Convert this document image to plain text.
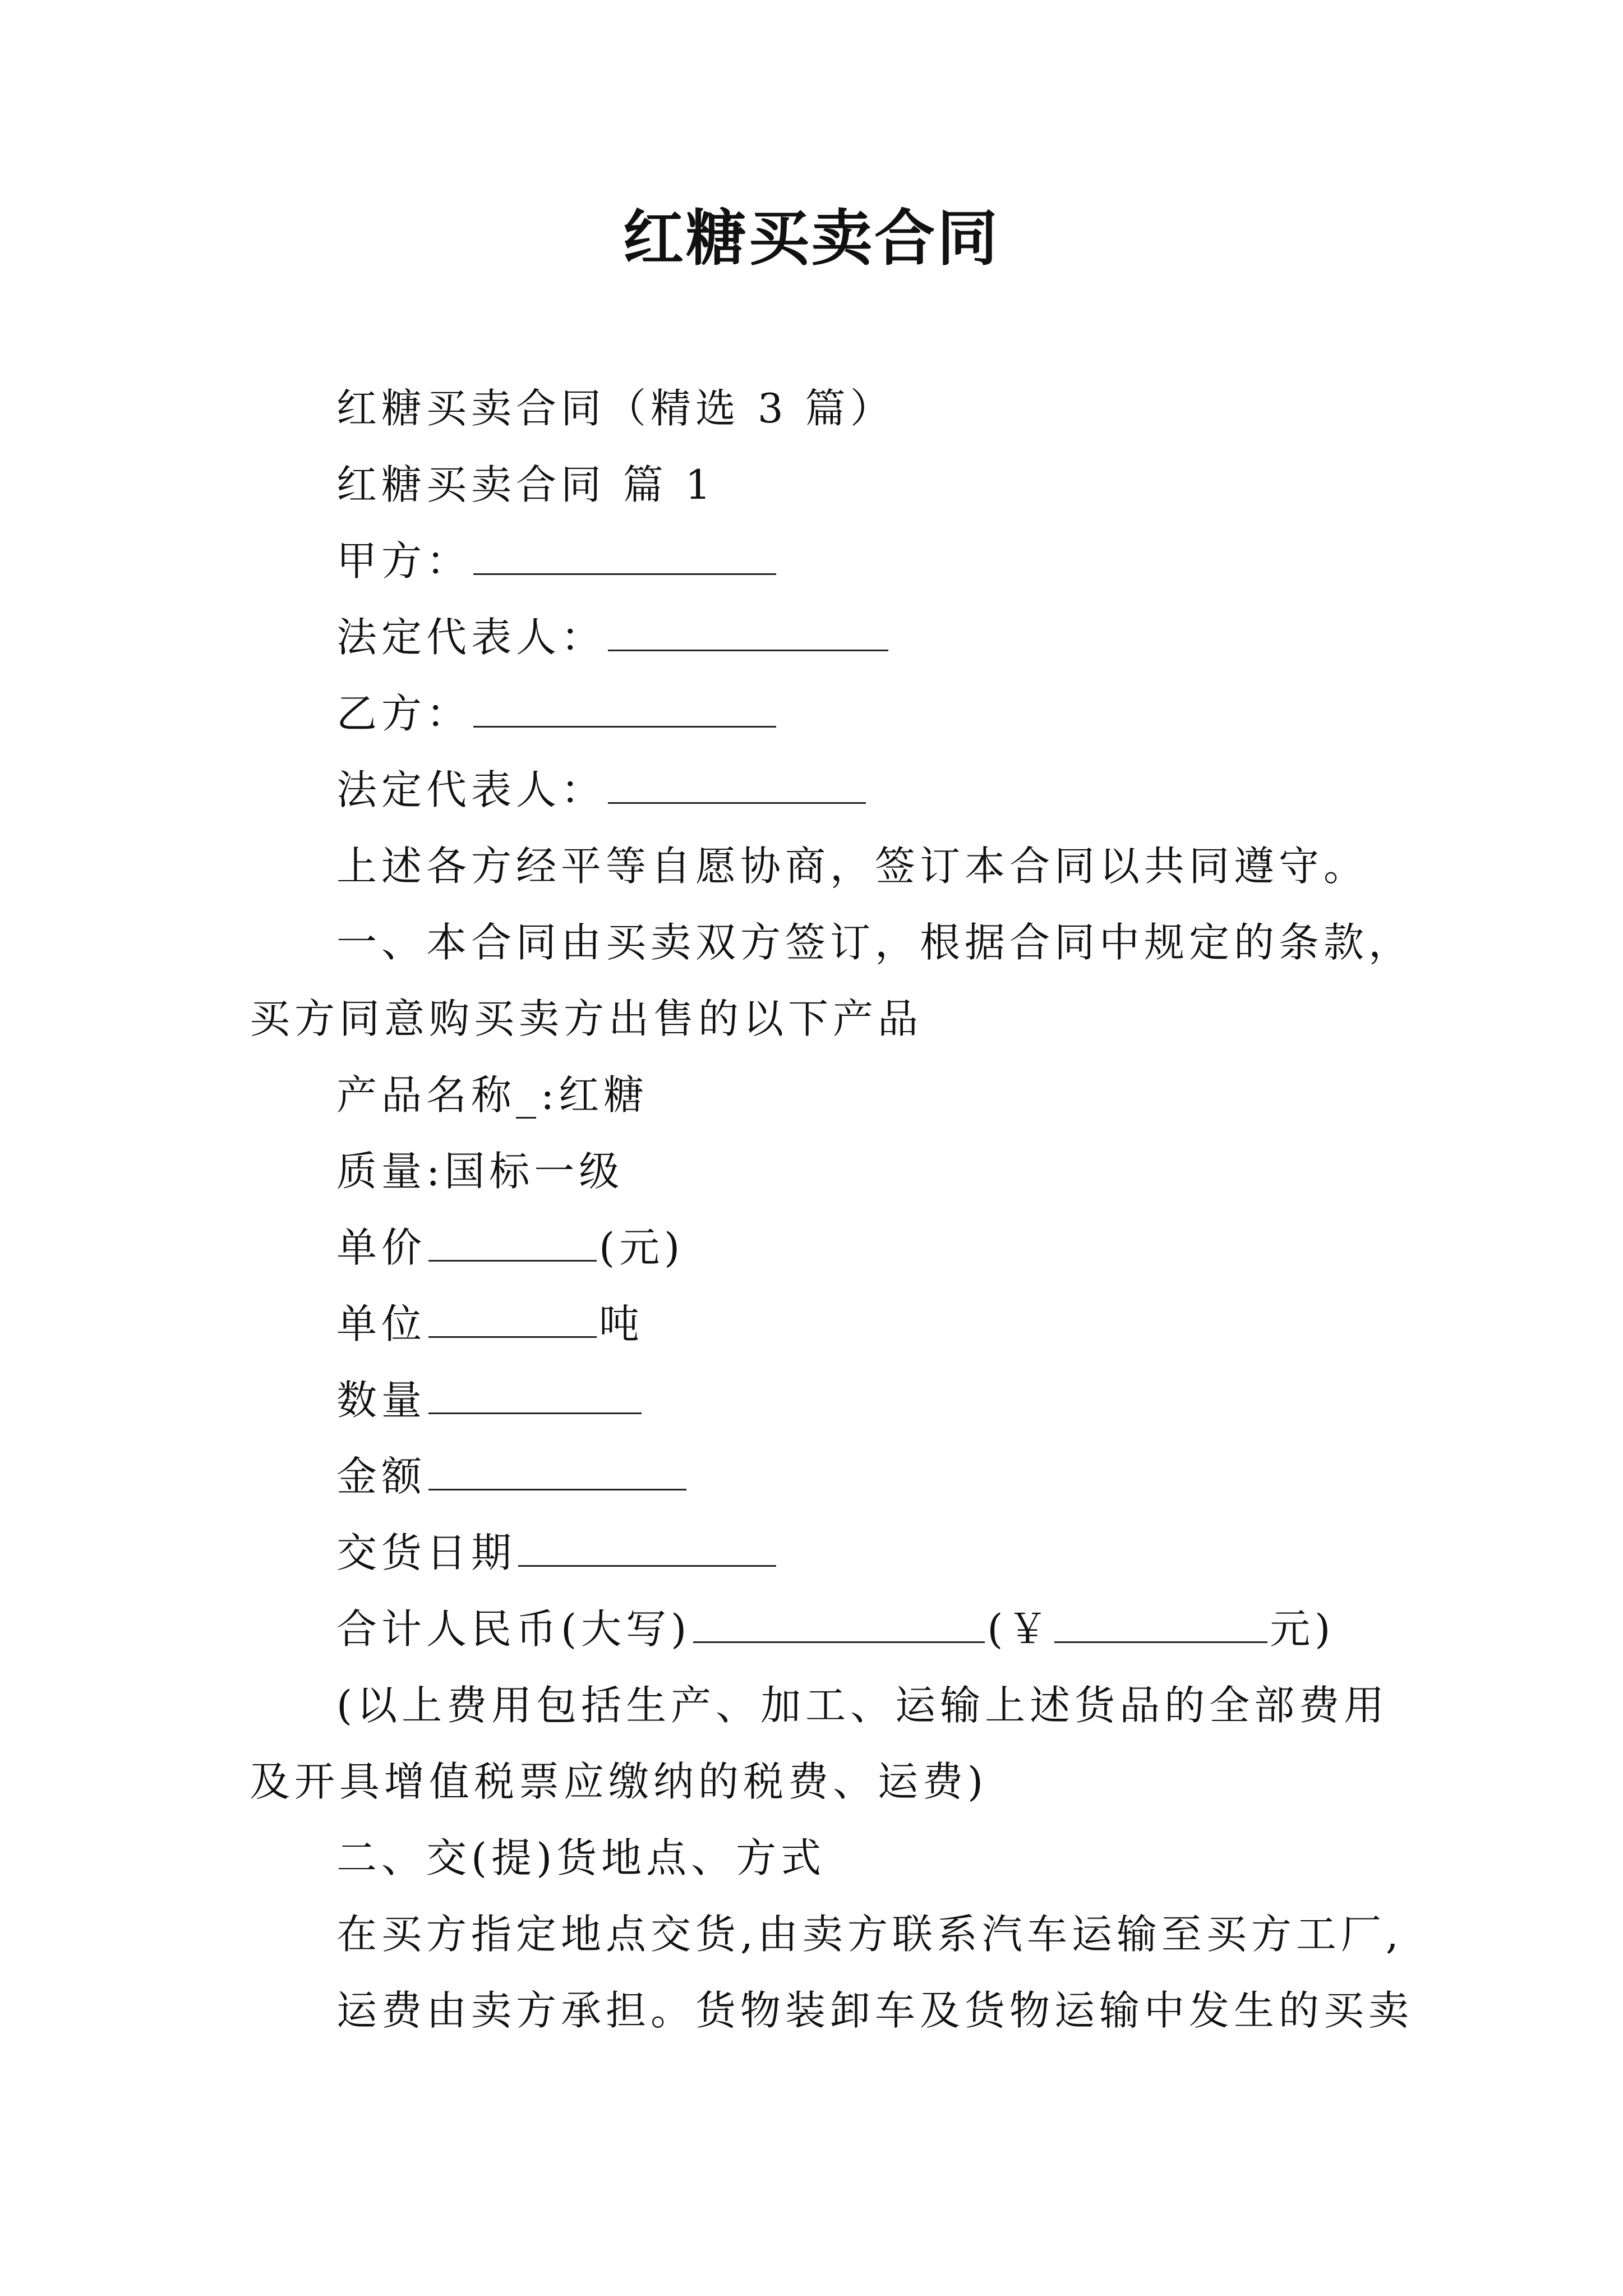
红糖买卖合同

红糖买卖合同（精选 3 篇）

红糖买卖合同 篇 1

甲方：

法定代表人：

乙方：

法定代表人：

上述各方经平等自愿协商，签订本合同以共同遵守。

一、本合同由买卖双方签订，根据合同中规定的条款，

买方同意购买卖方出售的以下产品

产品名称_:红糖

质量:国标一级

单价	(元)

单位	吨

数量

金额

交货日期

合计人民币(大写)	(￥	元)

(以上费用包括生产、加工、运输上述货品的全部费用

及开具增值税票应缴纳的税费、运费)

二、交(提)货地点、方式

在买方指定地点交货,由卖方联系汽车运输至买方工厂,

运费由卖方承担。货物装卸车及货物运输中发生的买卖
